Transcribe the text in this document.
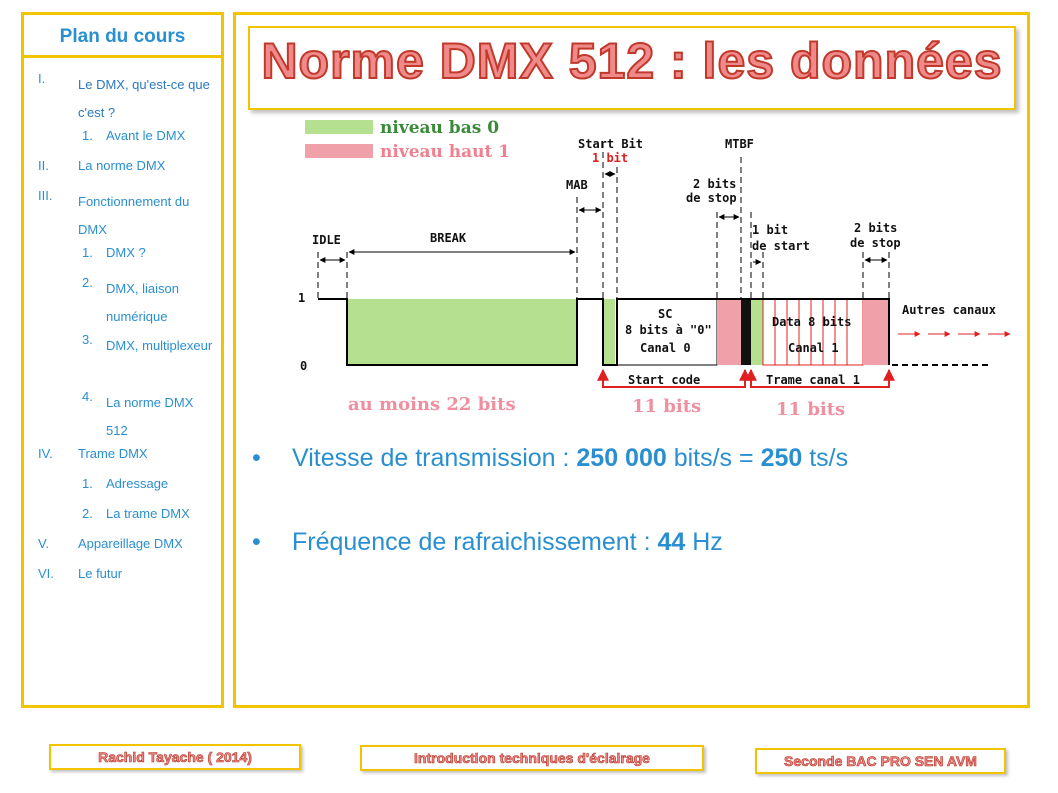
Plan du cours
I.	Le DMX, qu'est-ce que c'est ?
1. Avant le DMX
II. La norme DMX
III. Fonctionnement du DMX
1. DMX ?
2. DMX, liaison numérique
3. DMX, multiplexeur
4. La norme DMX 512
IV. Trame DMX
1. Adressage
2. La trame DMX
V. Appareillage DMX
VI. Le futur
Norme DMX 512 : les données
niveau bas 0
niveau haut 1
1
0
IDLE	BREAK
MAB
Start Bit
1 bit
MTBF
2 bits
de stop
1 bit
de start
2 bits
de stop
SC
8 bits à "0"
Canal 0
Data 8 bits
Canal 1
Autres canaux
Start code	Trame canal 1
au moins 22 bits	11 bits	11 bits
• Vitesse de transmission : 250 000 bits/s = 250 ts/s
• Fréquence de rafraichissement : 44 Hz
Rachid Tayache ( 2014)	Introduction techniques d'éclairage	Seconde BAC PRO SEN AVM
